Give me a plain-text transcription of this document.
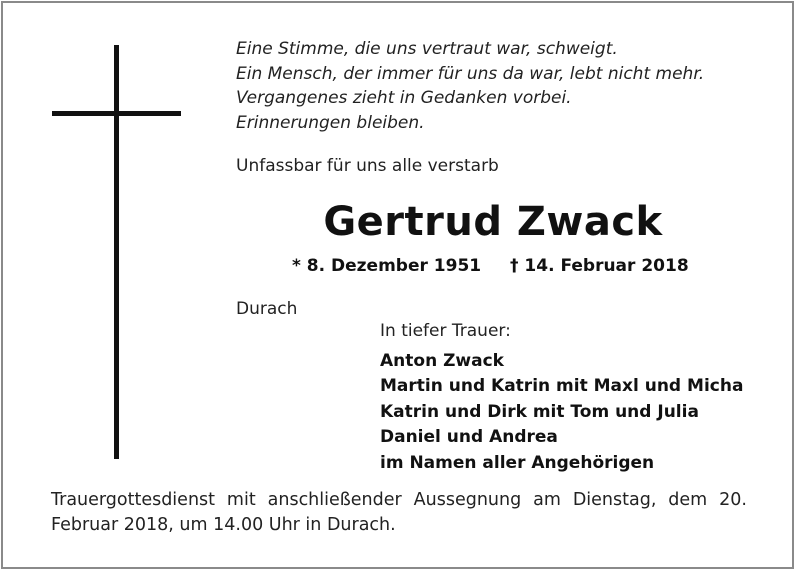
Eine Stimme, die uns vertraut war, schweigt.
Ein Mensch, der immer für uns da war, lebt nicht mehr.
Vergangenes zieht in Gedanken vorbei.
Erinnerungen bleiben.
Unfassbar für uns alle verstarb
Gertrud Zwack
* 8. Dezember 1951 † 14. Februar 2018
Durach
In tiefer Trauer:
Anton Zwack
Martin und Katrin mit Maxl und Micha
Katrin und Dirk mit Tom und Julia
Daniel und Andrea
im Namen aller Angehörigen
Trauergottesdienst mit anschließender Aussegnung am Dienstag, dem 20. Februar 2018, um 14.00 Uhr in Durach.
